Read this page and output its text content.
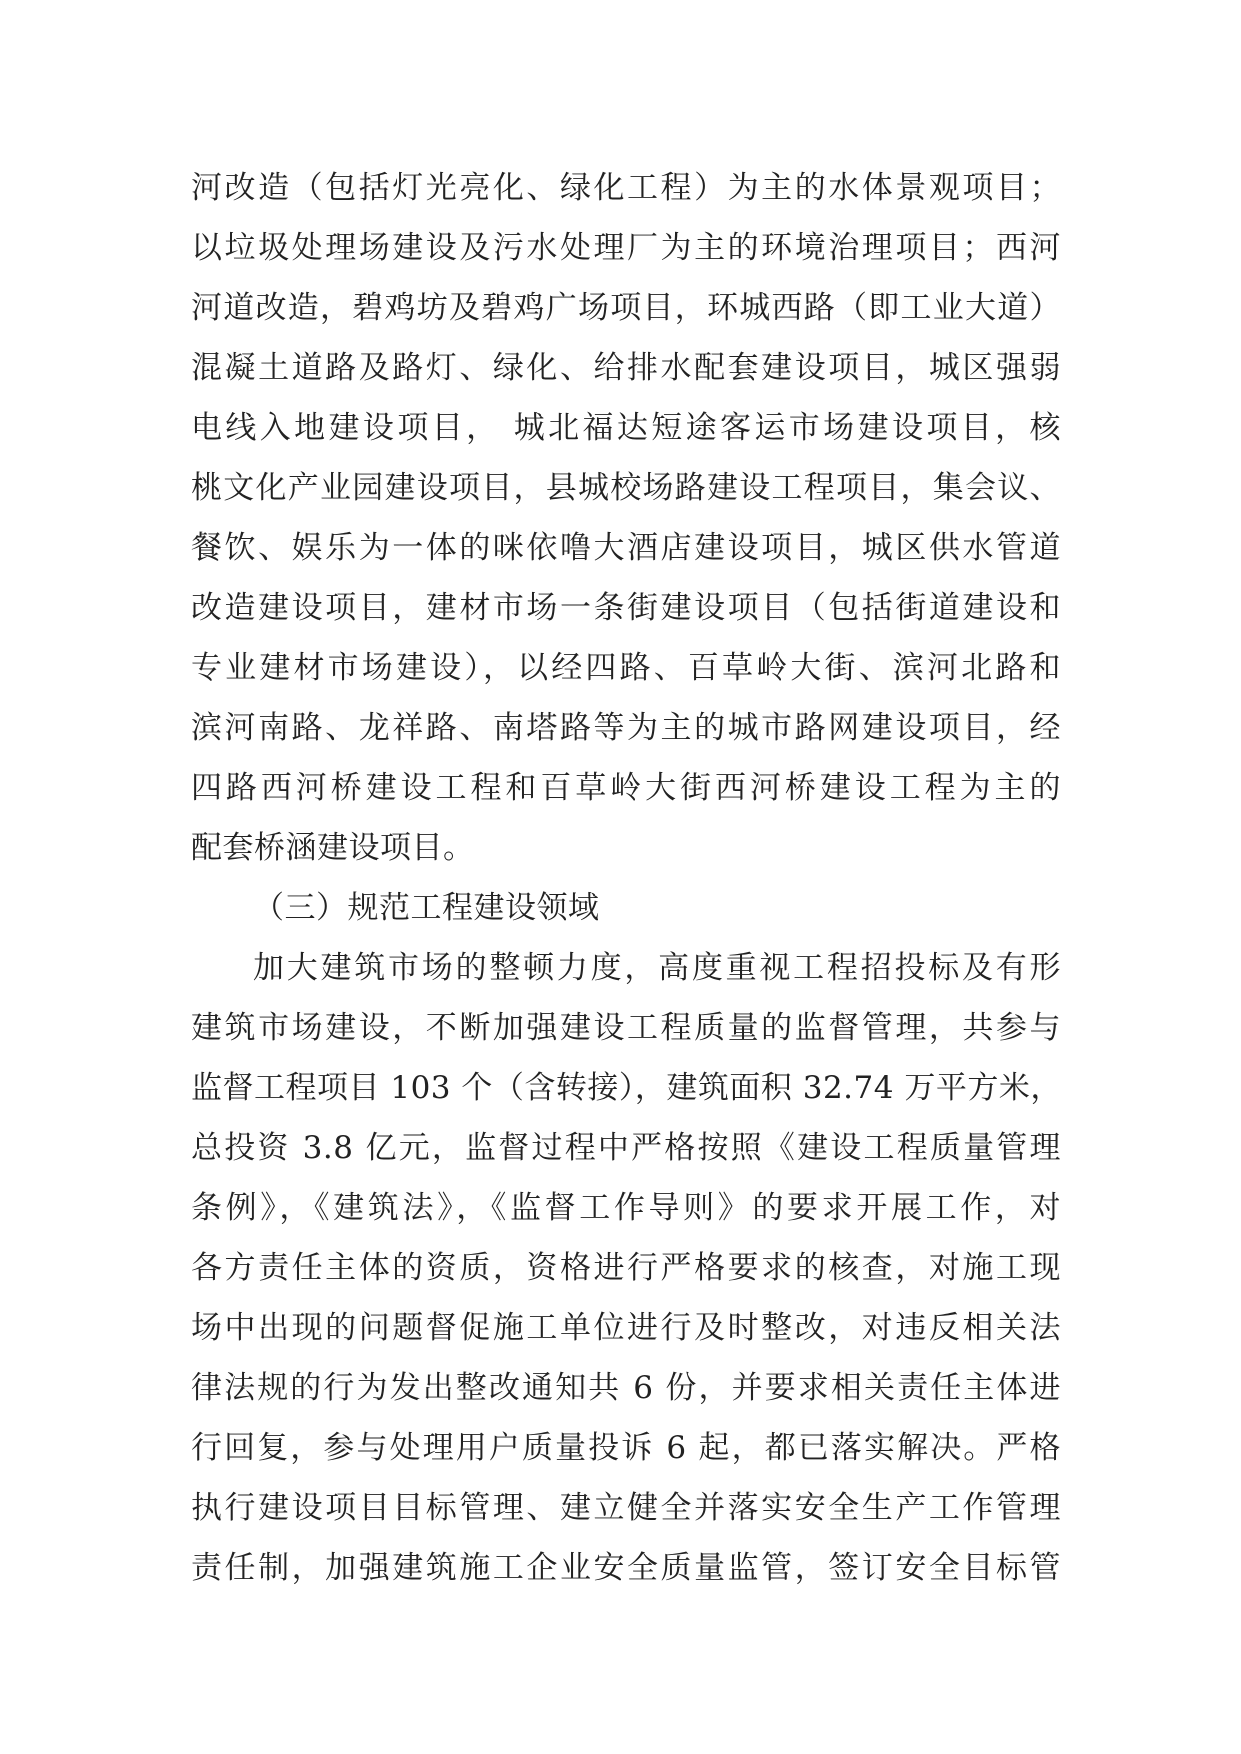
河改造（包括灯光亮化、绿化工程）为主的水体景观项目；
以垃圾处理场建设及污水处理厂为主的环境治理项目；西河
河道改造，碧鸡坊及碧鸡广场项目，环城西路（即工业大道）
混凝土道路及路灯、绿化、给排水配套建设项目，城区强弱
电线入地建设项目， 城北福达短途客运市场建设项目，核
桃文化产业园建设项目，县城校场路建设工程项目，集会议、
餐饮、娱乐为一体的咪依噜大酒店建设项目，城区供水管道
改造建设项目，建材市场一条街建设项目（包括街道建设和
专业建材市场建设），以经四路、百草岭大街、滨河北路和
滨河南路、龙祥路、南塔路等为主的城市路网建设项目，经
四路西河桥建设工程和百草岭大街西河桥建设工程为主的
配套桥涵建设项目。
（三）规范工程建设领域
加大建筑市场的整顿力度，高度重视工程招投标及有形
建筑市场建设，不断加强建设工程质量的监督管理，共参与
监督工程项目 103 个（含转接），建筑面积 32.74 万平方米，
总投资 3.8 亿元，监督过程中严格按照《建设工程质量管理
条例》，《建筑法》，《监督工作导则》的要求开展工作，对
各方责任主体的资质，资格进行严格要求的核查，对施工现
场中出现的问题督促施工单位进行及时整改，对违反相关法
律法规的行为发出整改通知共 6 份，并要求相关责任主体进
行回复，参与处理用户质量投诉 6 起，都已落实解决。严格
执行建设项目目标管理、建立健全并落实安全生产工作管理
责任制，加强建筑施工企业安全质量监管，签订安全目标管
